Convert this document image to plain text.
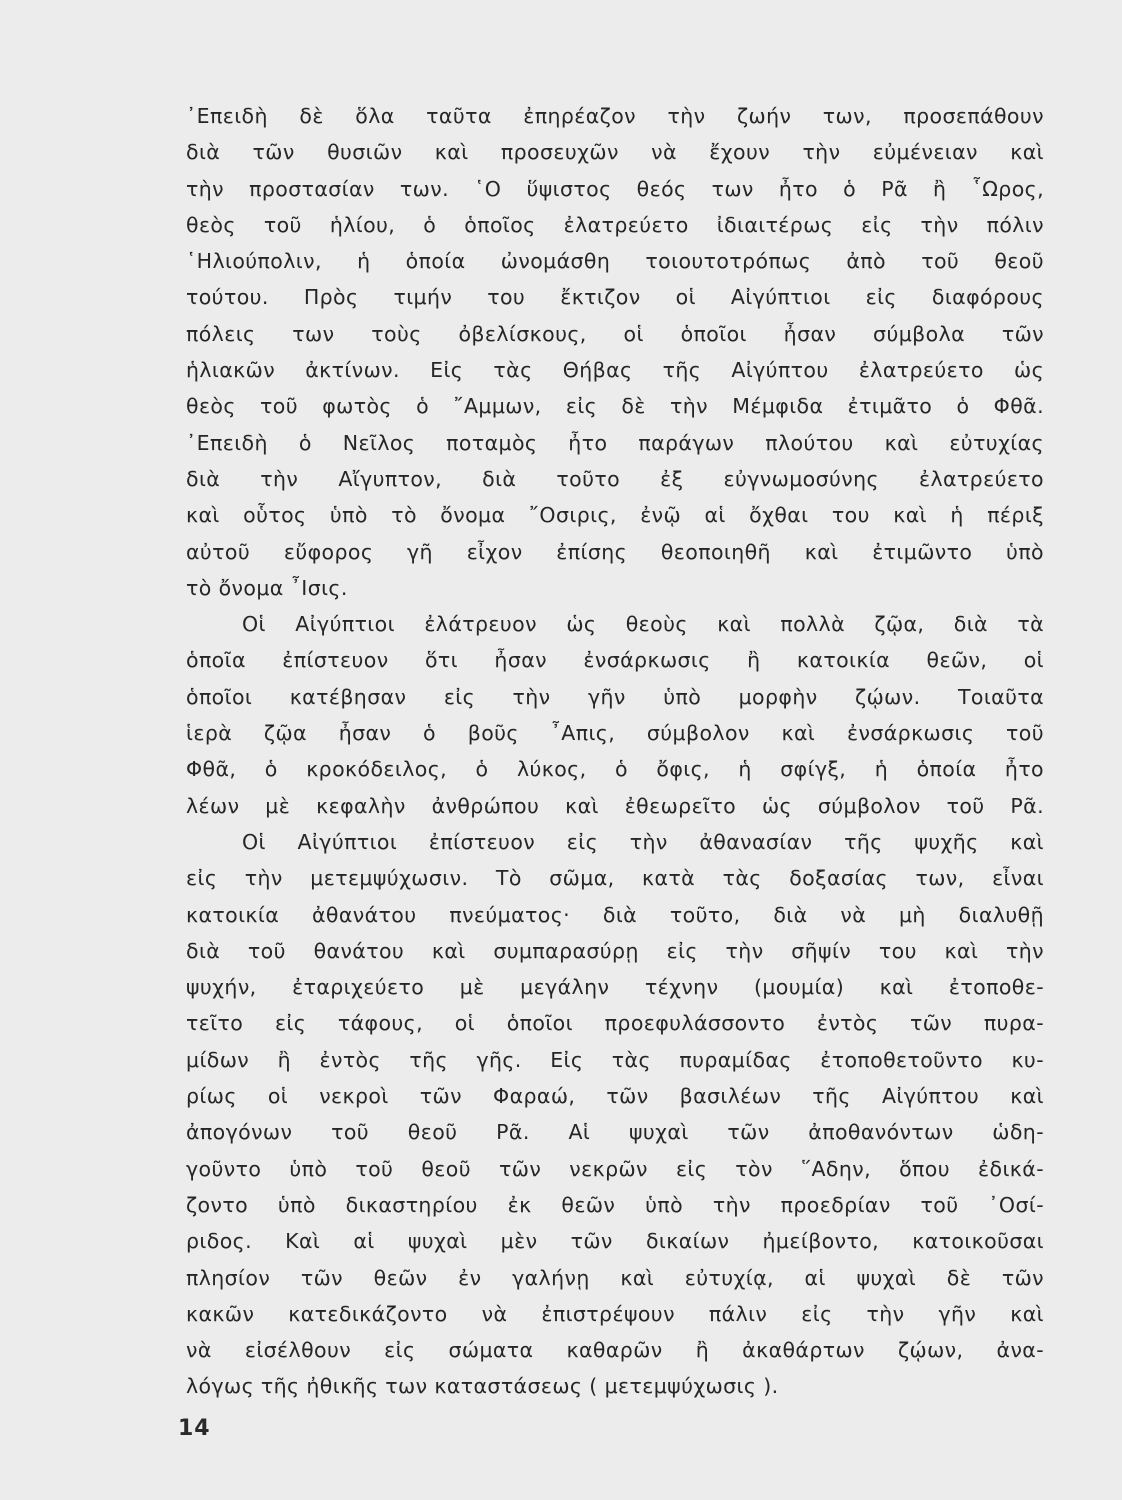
᾽Επειδὴ δὲ ὅλα ταῦτα ἐπηρέαζον τὴν ζωήν των, προσεπάθουν
διὰ τῶν θυσιῶν καὶ προσευχῶν νὰ ἔχουν τὴν εὐμένειαν καὶ
τὴν προστασίαν των. ῾Ο ὕψιστος θεός των ἦτο ὁ Ρᾶ ἢ ῟Ωρος,
θεὸς τοῦ ἡλίου, ὁ ὁποῖος ἐλατρεύετο ἰδιαιτέρως εἰς τὴν πόλιν
῾Ηλιούπολιν, ἡ ὁποία ὠνομάσθη τοιουτοτρόπως ἀπὸ τοῦ θεοῦ
τούτου. Πρὸς τιμήν του ἔκτιζον οἱ Αἰγύπτιοι εἰς διαφόρους
πόλεις των τοὺς ὀβελίσκους, οἱ ὁποῖοι ἦσαν σύμβολα τῶν
ἡλιακῶν ἀκτίνων. Εἰς τὰς Θήβας τῆς Αἰγύπτου ἐλατρεύετο ὡς
θεὸς τοῦ φωτὸς ὁ ῎Αμμων, εἰς δὲ τὴν Μέμφιδα ἐτιμᾶτο ὁ Φθᾶ.
᾽Επειδὴ ὁ Νεῖλος ποταμὸς ἦτο παράγων πλούτου καὶ εὐτυχίας
διὰ τὴν Αἴγυπτον, διὰ τοῦτο ἐξ εὐγνωμοσύνης ἐλατρεύετο
καὶ οὗτος ὑπὸ τὸ ὄνομα ῎Οσιρις, ἐνῷ αἱ ὄχθαι του καὶ ἡ πέριξ
αὐτοῦ εὔφορος γῆ εἶχον ἐπίσης θεοποιηθῆ καὶ ἐτιμῶντο ὑπὸ
τὸ ὄνομα ῏Ισις.
Οἱ Αἰγύπτιοι ἐλάτρευον ὡς θεοὺς καὶ πολλὰ ζῷα, διὰ τὰ
ὁποῖα ἐπίστευον ὅτι ἦσαν ἐνσάρκωσις ἢ κατοικία θεῶν, οἱ
ὁποῖοι κατέβησαν εἰς τὴν γῆν ὑπὸ μορφὴν ζῴων. Τοιαῦτα
ἱερὰ ζῷα ἦσαν ὁ βοῦς ῏Απις, σύμβολον καὶ ἐνσάρκωσις τοῦ
Φθᾶ, ὁ κροκόδειλος, ὁ λύκος, ὁ ὄφις, ἡ σφίγξ, ἡ ὁποία ἦτο
λέων μὲ κεφαλὴν ἀνθρώπου καὶ ἐθεωρεῖτο ὡς σύμβολον τοῦ Ρᾶ.
Οἱ Αἰγύπτιοι ἐπίστευον εἰς τὴν ἀθανασίαν τῆς ψυχῆς καὶ
εἰς τὴν μετεμψύχωσιν. Τὸ σῶμα, κατὰ τὰς δοξασίας των, εἶναι
κατοικία ἀθανάτου πνεύματος· διὰ τοῦτο, διὰ νὰ μὴ διαλυθῇ
διὰ τοῦ θανάτου καὶ συμπαρασύρῃ εἰς τὴν σῆψίν του καὶ τὴν
ψυχήν, ἐταριχεύετο μὲ μεγάλην τέχνην (μουμία) καὶ ἐτοποθε-
τεῖτο εἰς τάφους, οἱ ὁποῖοι προεφυλάσσοντο ἐντὸς τῶν πυρα-
μίδων ἢ ἐντὸς τῆς γῆς. Εἰς τὰς πυραμίδας ἐτοποθετοῦντο κυ-
ρίως οἱ νεκροὶ τῶν Φαραώ, τῶν βασιλέων τῆς Αἰγύπτου καὶ
ἀπογόνων τοῦ θεοῦ Ρᾶ. Αἱ ψυχαὶ τῶν ἀποθανόντων ὡδη-
γοῦντο ὑπὸ τοῦ θεοῦ τῶν νεκρῶν εἰς τὸν ῞Αδην, ὅπου ἐδικά-
ζοντο ὑπὸ δικαστηρίου ἐκ θεῶν ὑπὸ τὴν προεδρίαν τοῦ ᾽Οσί-
ριδος. Καὶ αἱ ψυχαὶ μὲν τῶν δικαίων ἠμείβοντο, κατοικοῦσαι
πλησίον τῶν θεῶν ἐν γαλήνῃ καὶ εὐτυχίᾳ, αἱ ψυχαὶ δὲ τῶν
κακῶν κατεδικάζοντο νὰ ἐπιστρέψουν πάλιν εἰς τὴν γῆν καὶ
νὰ εἰσέλθουν εἰς σώματα καθαρῶν ἢ ἀκαθάρτων ζῴων, ἀνα-
λόγως τῆς ἠθικῆς των καταστάσεως ( μετεμψύχωσις ).
14
